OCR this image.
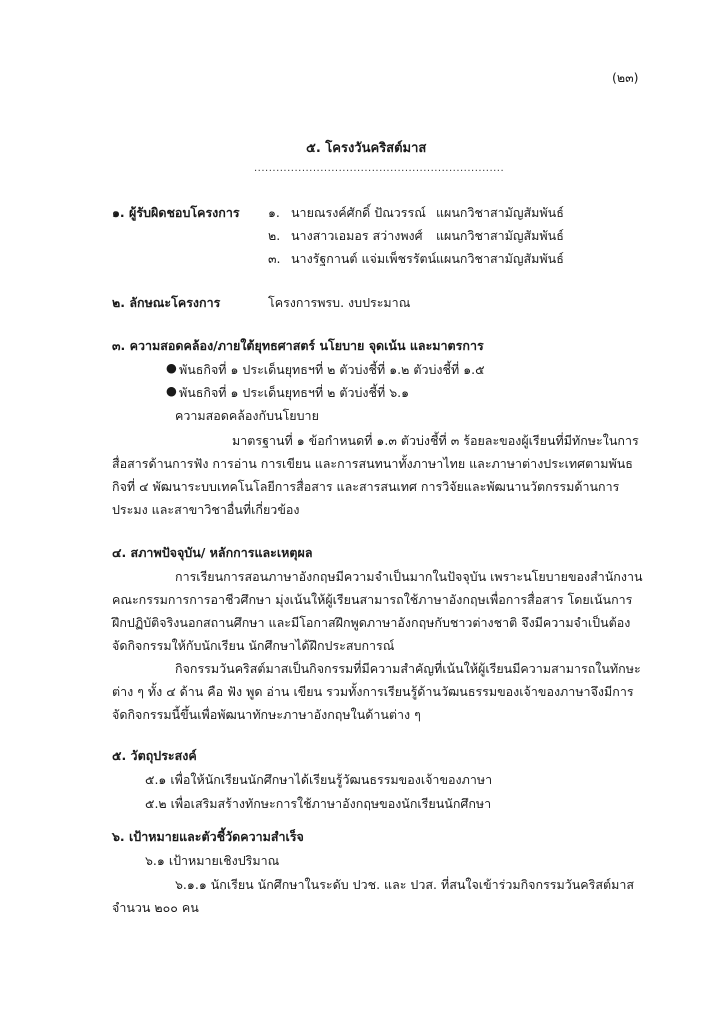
(๒๓)
๕. โครงวันคริสต์มาส
....................................................................
๑. ผู้รับผิดชอบโครงการ ๑. นายณรงค์ศักดิ์ ปัณวรรณ์ แผนกวิชาสามัญสัมพันธ์
๒. นางสาวเอมอร สว่างพงศ์ แผนกวิชาสามัญสัมพันธ์
๓. นางรัฐกานต์ แจ่มเพ็ชรรัตน์ แผนกวิชาสามัญสัมพันธ์
๒. ลักษณะโครงการ	โครงการพรบ. งบประมาณ
๓. ความสอดคล้อง/ภายใต้ยุทธศาสตร์ นโยบาย จุดเน้น และมาตรการ
● พันธกิจที่ ๑ ประเด็นยุทธฯที่ ๒ ตัวบ่งชี้ที่ ๑.๒ ตัวบ่งชี้ที่ ๑.๕
● พันธกิจที่ ๑ ประเด็นยุทธฯที่ ๒ ตัวบ่งชี้ที่ ๖.๑
ความสอดคล้องกับนโยบาย
มาตรฐานที่ ๑ ข้อกำหนดที่ ๑.๓ ตัวบ่งชี้ที่ ๓ ร้อยละของผู้เรียนที่มีทักษะในการ
สื่อสารด้านการฟัง การอ่าน การเขียน และการสนทนาทั้งภาษาไทย และภาษาต่างประเทศตามพันธ
กิจที่ ๔ พัฒนาระบบเทคโนโลยีการสื่อสาร และสารสนเทศ การวิจัยและพัฒนานวัตกรรมด้านการ
ประมง และสาขาวิชาอื่นที่เกี่ยวข้อง
๔. สภาพปัจจุบัน/ หลักการและเหตุผล
การเรียนการสอนภาษาอังกฤษมีความจำเป็นมากในปัจจุบัน เพราะนโยบายของสำนักงาน
คณะกรรมการการอาชีวศึกษา มุ่งเน้นให้ผู้เรียนสามารถใช้ภาษาอังกฤษเพื่อการสื่อสาร โดยเน้นการ
ฝึกปฏิบัติจริงนอกสถานศึกษา และมีโอกาสฝึกพูดภาษาอังกฤษกับชาวต่างชาติ จึงมีความจำเป็นต้อง
จัดกิจกรรมให้กับนักเรียน นักศึกษาได้ฝึกประสบการณ์
กิจกรรมวันคริสต์มาสเป็นกิจกรรมที่มีความสำคัญที่เน้นให้ผู้เรียนมีความสามารถในทักษะ
ต่าง ๆ ทั้ง ๔ ด้าน คือ ฟัง พูด อ่าน เขียน รวมทั้งการเรียนรู้ด้านวัฒนธรรมของเจ้าของภาษาจึงมีการ
จัดกิจกรรมนี้ขึ้นเพื่อพัฒนาทักษะภาษาอังกฤษในด้านต่าง ๆ
๕. วัตถุประสงค์
๕.๑ เพื่อให้นักเรียนนักศึกษาได้เรียนรู้วัฒนธรรมของเจ้าของภาษา
๕.๒ เพื่อเสริมสร้างทักษะการใช้ภาษาอังกฤษของนักเรียนนักศึกษา
๖. เป้าหมายและตัวชี้วัดความสำเร็จ
๖.๑ เป้าหมายเชิงปริมาณ
๖.๑.๑ นักเรียน นักศึกษาในระดับ ปวช. และ ปวส. ที่สนใจเข้าร่วมกิจกรรมวันคริสต์มาส
จำนวน ๒๐๐ คน
